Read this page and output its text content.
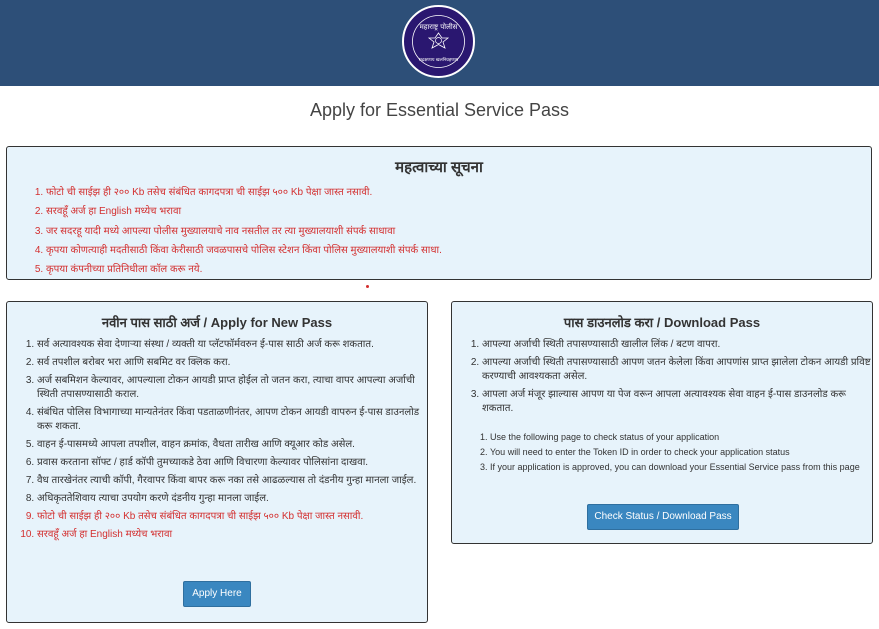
महाराष्ट्र पोलीस
सद्रक्षणाय खलनिग्रहणाय
Apply for Essential Service Pass
महत्वाच्या सूचना
1. फोटो ची साईझ ही २०० Kb तसेच संबंधित कागदपत्रा ची साईझ ५०० Kb पेक्षा जास्त नसावी.
2. सरवहूँ अर्ज हा English मध्येच भरावा
3. जर सदरहू यादी मध्ये आपल्या पोलीस मुख्यालयाचे नाव नसतील तर त्या मुख्यालयाशी संपर्क साधावा
4. कृपया कोणत्याही मदतीसाठी किंवा केरीसाठी जवळपासचे पोलिस स्टेशन किंवा पोलिस मुख्यालयाशी संपर्क साधा.
5. कृपया कंपनीच्या प्रतिनिधीला कॉल करू नये.
नवीन पास साठी अर्ज / Apply for New Pass
1. सर्व अत्यावश्यक सेवा देणाऱ्या संस्था / व्यक्ती या प्लॅटफॉर्मवरुन ई-पास साठी अर्ज करू शकतात.
2. सर्व तपशील बरोबर भरा आणि सबमिट वर क्लिक करा.
3. अर्ज सबमिशन केल्यावर, आपल्याला टोकन आयडी प्राप्त होईल तो जतन करा, त्याचा वापर आपल्या अर्जाची स्थिती तपासण्यासाठी कराल.
4. संबंधित पोलिस विभागाच्या मान्यतेनंतर किंवा पडताळणीनंतर, आपण टोकन आयडी वापरुन ई-पास डाउनलोड करू शकता.
5. वाहन ई-पासमध्ये आपला तपशील, वाहन क्रमांक, वैधता तारीख आणि क्यूआर कोड असेल.
6. प्रवास करताना सॉफ्ट / हार्ड कॉपी तुमच्याकडे ठेवा आणि विचारणा केल्यावर पोलिसांना दाखवा.
7. वैध तारखेनंतर त्याची कॉपी, गैरवापर किंवा बापर करू नका तसे आढळल्यास तो दंडनीय गुन्हा मानला जाईल.
8. अधिकृततेशिवाय त्याचा उपयोग करणे दंडनीय गुन्हा मानला जाईल.
9. फोटो ची साईझ ही २०० Kb तसेच संबंधित कागदपत्रा ची साईझ ५०० Kb पेक्षा जास्त नसावी.
10. सरवहूँ अर्ज हा English मध्येच भरावा
Apply Here
पास डाउनलोड करा / Download Pass
1. आपल्या अर्जाची स्थिती तपासण्यासाठी खालील लिंक / बटण वापरा.
2. आपल्या अर्जाची स्थिती तपासण्यासाठी आपण जतन केलेला किंवा आपणांस प्राप्त झालेला टोकन आयडी प्रविष्ट करण्याची आवश्यकता असेल.
3. आपला अर्ज मंजूर झाल्यास आपण या पेज वरून आपला अत्यावश्यक सेवा वाहन ई-पास डाउनलोड करू शकतात.
1. Use the following page to check status of your application
2. You will need to enter the Token ID in order to check your application status
3. If your application is approved, you can download your Essential Service pass from this page
Check Status / Download Pass
